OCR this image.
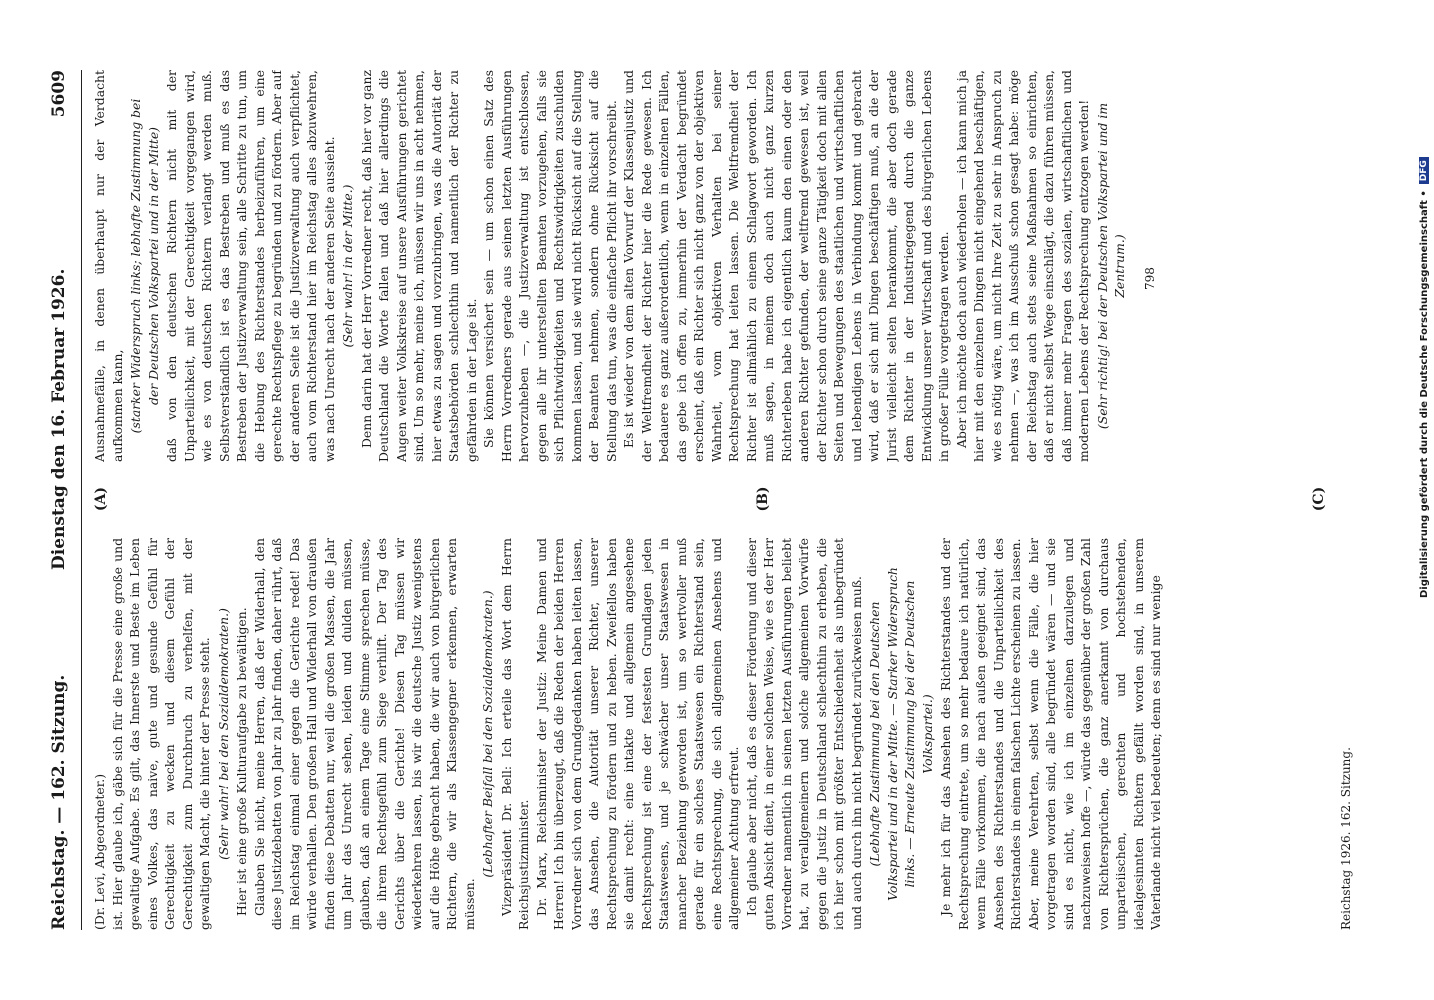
Reichstag. — 162. Sitzung.
Dienstag den 16. Februar 1926.
5609

(Dr. Levi, Abgeordneter.) ist. Hier glaube ich, gäbe sich für die Presse eine große und gewaltige Aufgabe. Es gilt, das Innerste und Beste im Leben eines Volkes, das naive, gute und gesunde Gefühl für Gerechtigkeit zu wecken und diesem Gefühl der Gerechtigkeit zum Durchbruch zu verhelfen, mit der gewaltigen Macht, die hinter der Presse steht. (Sehr wahr! bei den Sozialdemokraten.) Hier ist eine große Kulturaufgabe zu bewältigen. Glauben Sie nicht, meine Herren, daß der Widerhall, den diese Justizdebatten von Jahr zu Jahr finden, daher rührt, daß im Reichstag einmal einer gegen die Gerichte redet! Das würde verhallen. Den großen Hall und Widerhall von draußen finden diese Debatten nur, weil die großen Massen, die Jahr um Jahr das Unrecht sehen, leiden und dulden müssen, glauben, daß an einem Tage eine Stimme sprechen müsse, die ihrem Rechtsgefühl zum Siege verhilft. Der Tag des Gerichts über die Gerichte! Diesen Tag müssen wir wiederkehren lassen, bis wir die deutsche Justiz wenigstens auf die Höhe gebracht haben, die wir auch von bürgerlichen Richtern, die wir als Klassengegner erkennen, erwarten müssen.

(Lebhafter Beifall bei den Sozialdemokraten.) Vizepräsident Dr. Bell: Ich erteile das Wort dem Herrn Reichsjustizminister. Dr. Marx, Reichsminister der Justiz: Meine Damen und Herren! Ich bin überzeugt, daß die Reden der beiden Herren Vorredner sich von dem Grundgedanken haben leiten lassen, das Ansehen, die Autorität unserer Richter, unserer Rechtsprechung zu fördern und zu heben. Zweifellos haben sie damit recht: eine intakte und allgemein angesehene Rechtsprechung ist eine der festesten Grundlagen jeden Staatswesens, und je schwächer unser Staatswesen in mancher Beziehung geworden ist, um so wertvoller muß gerade für ein solches Staatswesen ein Richterstand sein, eine Rechtsprechung, die sich allgemeinen Ansehens und allgemeiner Achtung erfreut. Ich glaube aber nicht, daß es dieser Förderung und dieser guten Absicht dient, in einer solchen Weise, wie es der Herr Vorredner namentlich in seinen letzten Ausführungen beliebt hat, zu verallgemeinern und solche allgemeinen Vorwürfe gegen die Justiz in Deutschland schlechthin zu erheben, die ich hier schon mit größter Entschiedenheit als unbegründet und auch durch ihn nicht begründet zurückweisen muß. (Lebhafte Zustimmung bei den Deutschen Volkspartei und in der Mitte. — Starker Widerspruch links. — Erneute Zustimmung bei der Deutschen Volkspartei.) Je mehr ich für das Ansehen des Richterstandes und der Rechtsprechung eintrete, um so mehr bedaure ich natürlich, wenn Fälle vorkommen, die nach außen geeignet sind, das Ansehen des Richterstandes und die Unparteilichkeit des Richterstandes in einem falschen Lichte erscheinen zu lassen. Aber, meine Verehrten, selbst wenn die Fälle, die hier vorgetragen worden sind, alle begründet wären — und sie sind es nicht, wie ich im einzelnen darzulegen und nachzuweisen hoffe —, würde das gegenüber der großen Zahl von Richtersprüchen, die ganz anerkannt von durchaus unparteiischen, gerechten und hochstehenden, idealgesinnten Richtern gefällt worden sind, in unserem Vaterlande nicht viel bedeuten; denn es sind nur wenige

Ausnahmefälle, in denen überhaupt nur der Verdacht aufkommen kann, (starker Widerspruch links; lebhafte Zustimmung bei der Deutschen Volkspartei und in der Mitte) daß von den deutschen Richtern nicht mit der Unparteilichkeit, mit der Gerechtigkeit vorgegangen wird, wie es von deutschen Richtern verlangt werden muß. Selbstverständlich ist es das Bestreben und muß es das Bestreben der Justizverwaltung sein, alle Schritte zu tun, um die Hebung des Richterstandes herbeizuführen, um eine gerechte Rechtspflege zu begründen und zu fördern. Aber auf der anderen Seite ist die Justizverwaltung auch verpflichtet, auch vom Richterstand hier im Reichstag alles abzuwehren, was nach Unrecht nach der anderen Seite aussieht. (Sehr wahr! in der Mitte.) Denn darin hat der Herr Vorredner recht, daß hier vor ganz Deutschland die Worte fallen und daß hier allerdings die Augen weiter Volkskreise auf unsere Ausführungen gerichtet sind. Um so mehr, meine ich, müssen wir uns in acht nehmen, hier etwas zu sagen und vorzubringen, was die Autorität der Staatsbehörden schlechthin und namentlich der Richter zu gefährden in der Lage ist. Sie können versichert sein — um schon einen Satz des Herrn Vorredners gerade aus seinen letzten Ausführungen hervorzuheben —, die Justizverwaltung ist entschlossen, gegen alle ihr unterstellten Beamten vorzugehen, falls sie sich Pflichtwidrigkeiten und Rechtswidrigkeiten zuschulden kommen lassen, und sie wird nicht Rücksicht auf die Stellung der Beamten nehmen, sondern ohne Rücksicht auf die Stellung das tun, was die einfache Pflicht ihr vorschreibt. Es ist wieder von dem alten Vorwurf der Klassenjustiz und der Weltfremdheit der Richter hier die Rede gewesen. Ich bedauere es ganz außerordentlich, wenn in einzelnen Fällen, das gebe ich offen zu, immerhin der Verdacht begründet erscheint, daß ein Richter sich nicht ganz von der objektiven Wahrheit, vom objektiven Verhalten bei seiner Rechtsprechung hat leiten lassen. Die Weltfremdheit der Richter ist allmählich zu einem Schlagwort geworden. Ich muß sagen, in meinem doch auch nicht ganz kurzen Richterleben habe ich eigentlich kaum den einen oder den anderen Richter gefunden, der weltfremd gewesen ist, weil der Richter schon durch seine ganze Tätigkeit doch mit allen Seiten und Bewegungen des staatlichen und wirtschaftlichen und lebendigen Lebens in Verbindung kommt und gebracht wird, daß er sich mit Dingen beschäftigen muß, an die der Jurist vielleicht selten herankommt, die aber doch gerade dem Richter in der Industriegegend durch die ganze Entwicklung unserer Wirtschaft und des bürgerlichen Lebens in großer Fülle vorgetragen werden. Aber ich möchte doch auch wiederholen — ich kann mich ja hier mit den einzelnen Dingen nicht eingehend beschäftigen, wie es nötig wäre, um nicht Ihre Zeit zu sehr in Anspruch zu nehmen —, was ich im Ausschuß schon gesagt habe: möge der Reichstag auch stets seine Maßnahmen so einrichten, daß er nicht selbst Wege einschlägt, die dazu führen müssen, daß immer mehr Fragen des sozialen, wirtschaftlichen und modernen Lebens der Rechtsprechung entzogen werden! (Sehr richtig! bei der Deutschen Volkspartei und im Zentrum.)

(A)	(B)	(C)
Reichstag 1926. 162. Sitzung.
798	Digitalisierung gefördert durch die Deutsche Forschungsgemeinschaft •
DFG
